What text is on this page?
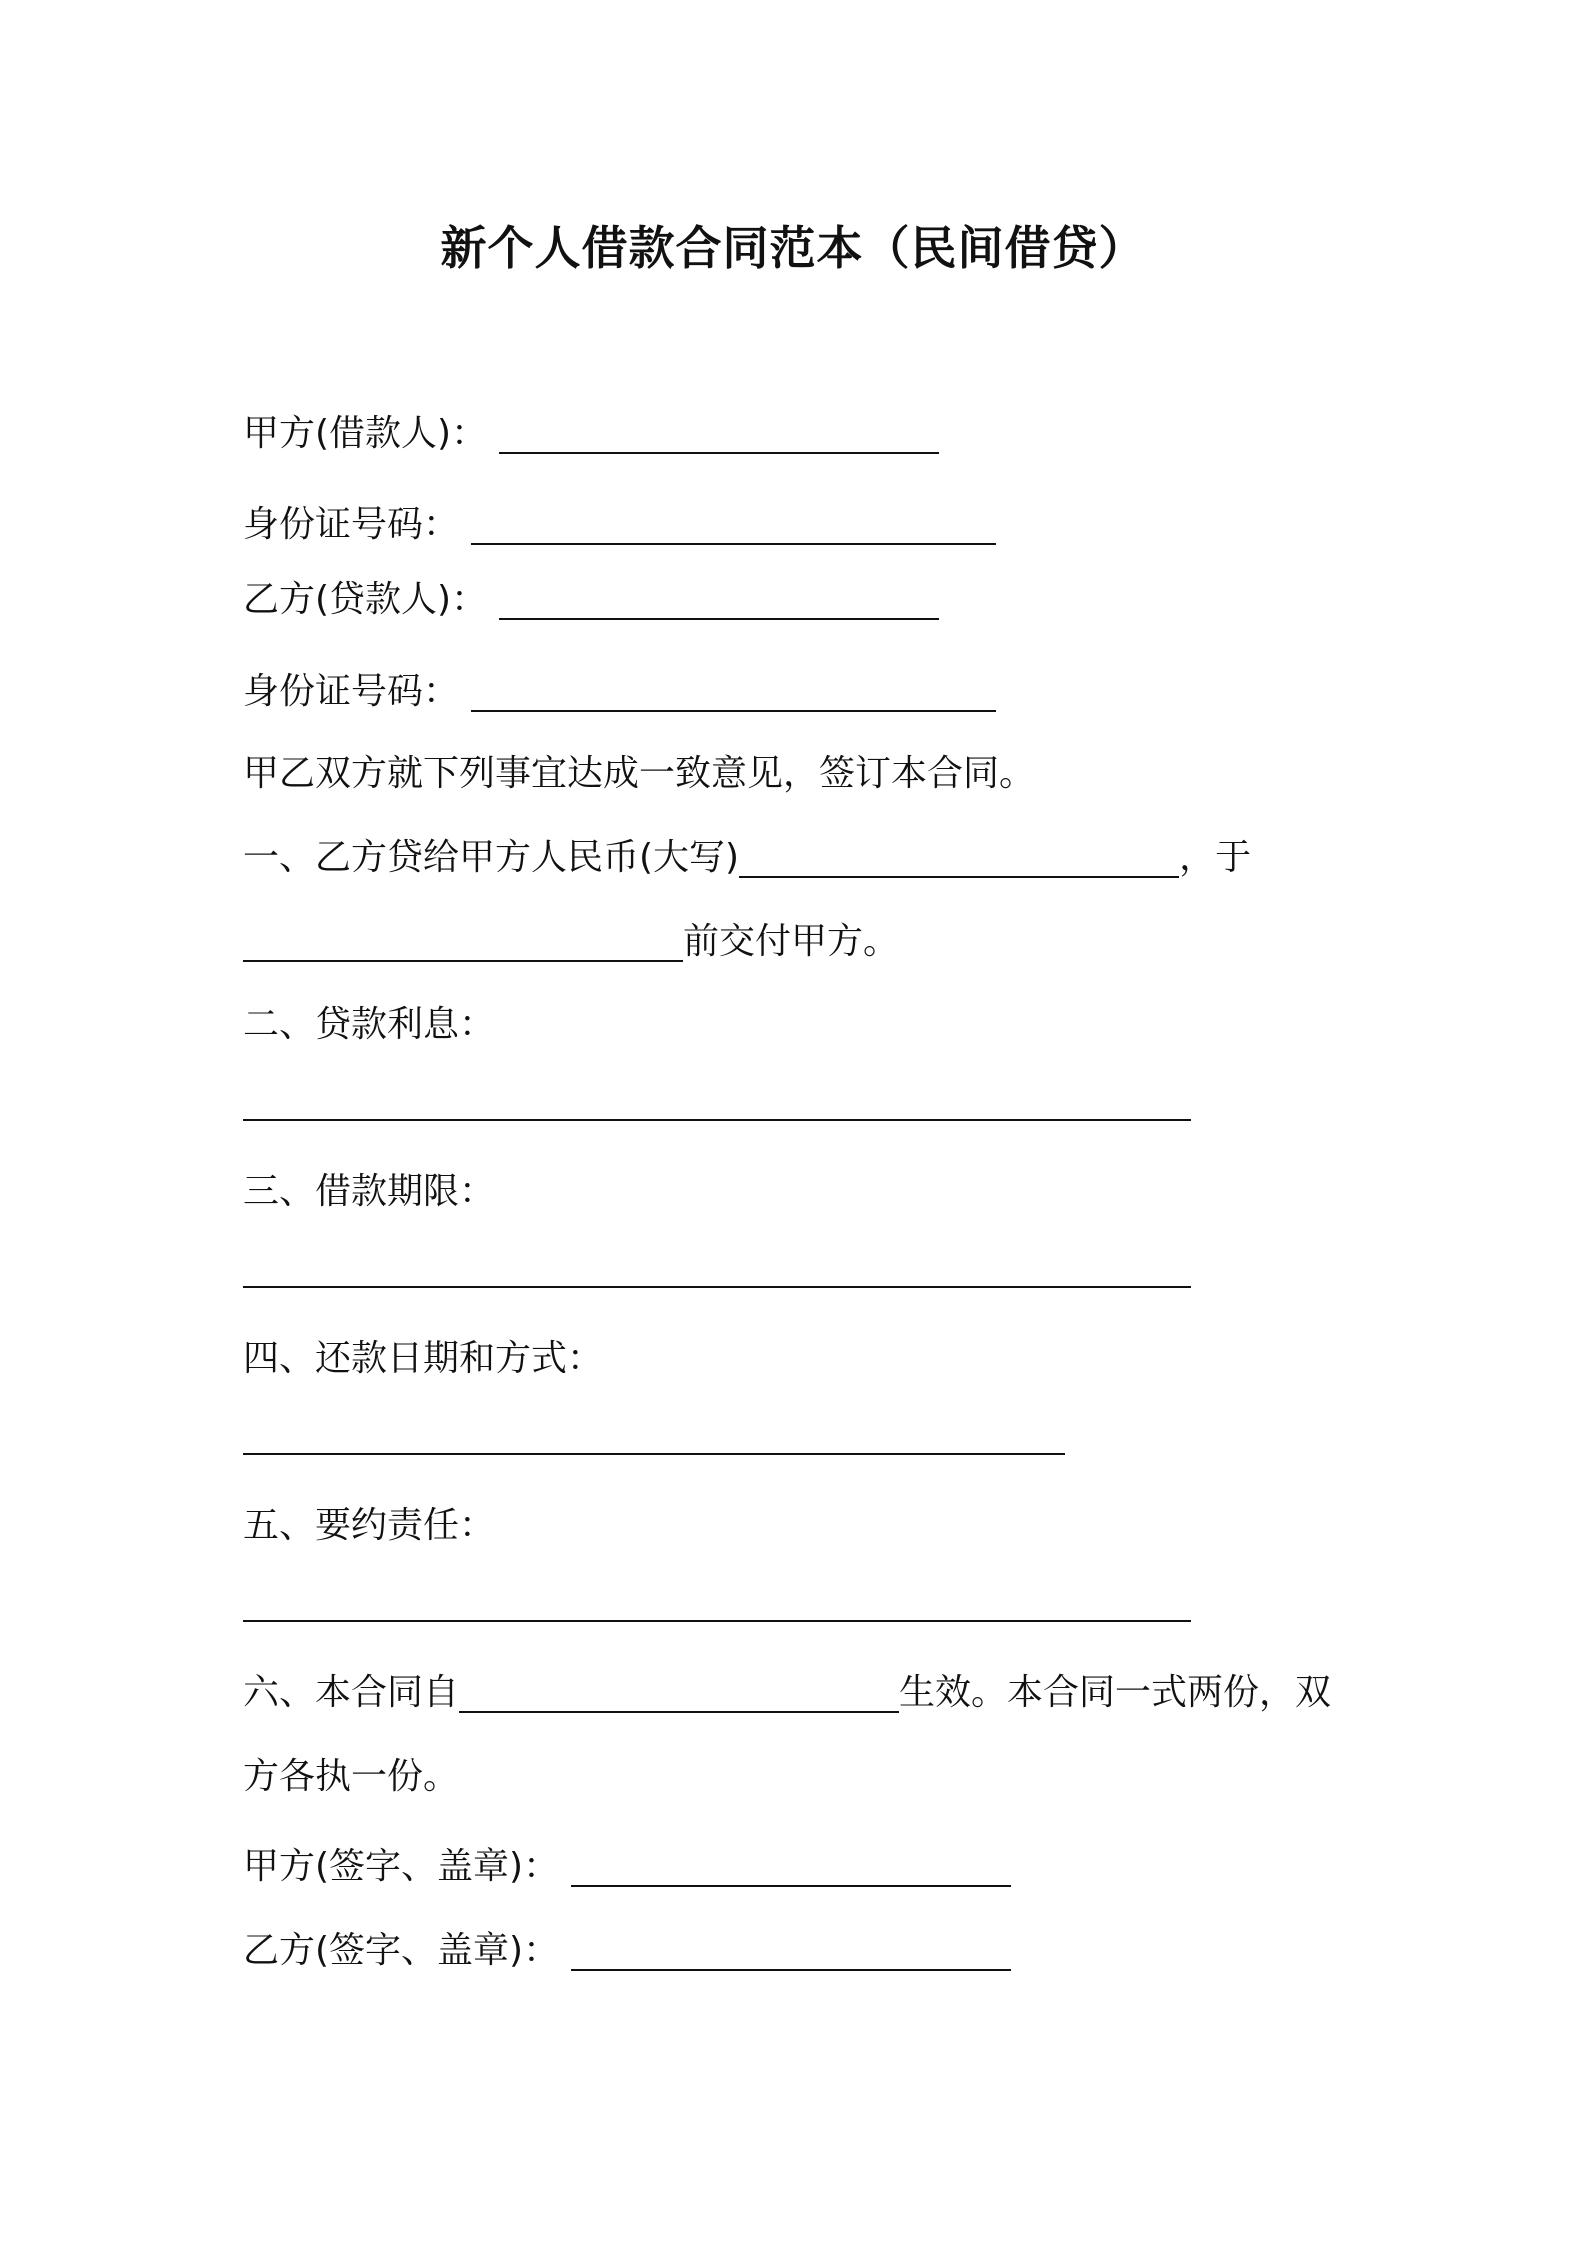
新个人借款合同范本（民间借贷）
甲方(借款人)：
身份证号码：
乙方(贷款人)：
身份证号码：
甲乙双方就下列事宜达成一致意见，签订本合同。
一、乙方贷给甲方人民币(大写)	，于
前交付甲方。
二、贷款利息：
三、借款期限：
四、还款日期和方式：
五、要约责任：
六、本合同自	生效。本合同一式两份，双
方各执一份。
甲方(签字、盖章)：
乙方(签字、盖章)：
